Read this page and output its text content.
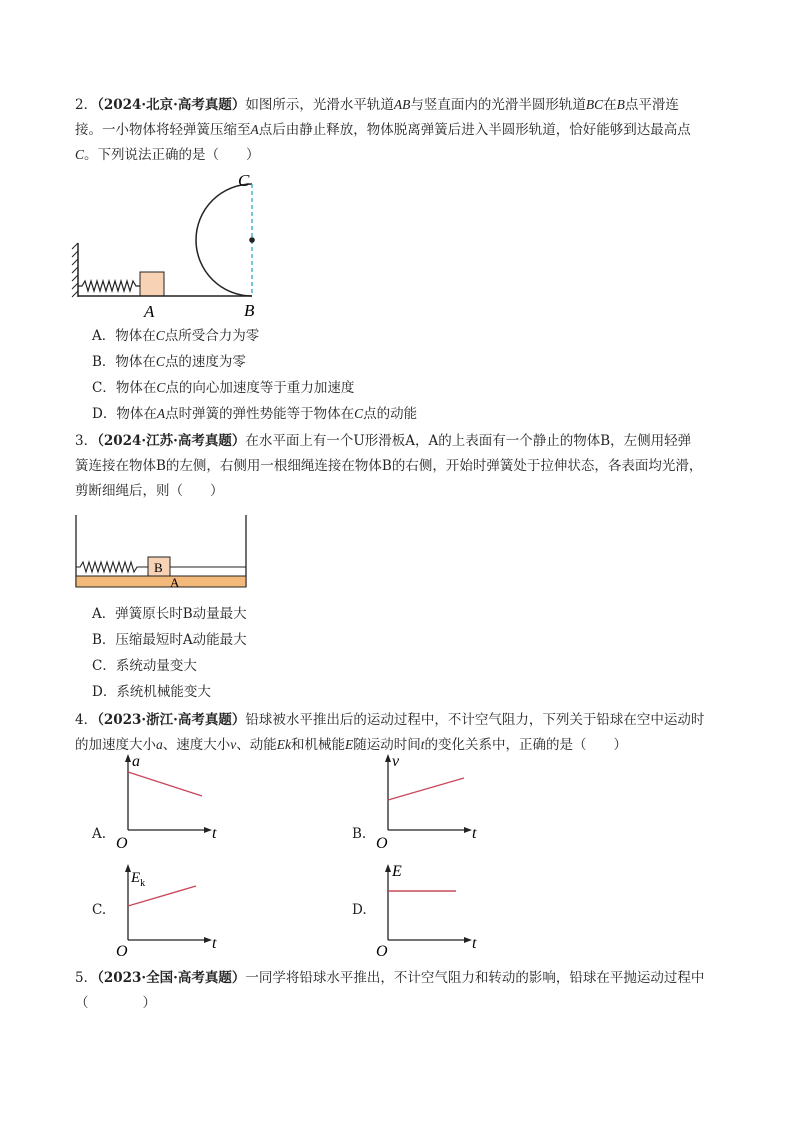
2．（2024·北京·高考真题）如图所示，光滑水平轨道AB与竖直面内的光滑半圆形轨道BC在B点平滑连
接。一小物体将轻弹簧压缩至A点后由静止释放，物体脱离弹簧后进入半圆形轨道，恰好能够到达最高点
C。下列说法正确的是（　　）
C
A	B
A．物体在C点所受合力为零
B．物体在C点的速度为零
C．物体在C点的向心加速度等于重力加速度
D．物体在A点时弹簧的弹性势能等于物体在C点的动能
3．（2024·江苏·高考真题）在水平面上有一个U形滑板A，A的上表面有一个静止的物体B，左侧用轻弹
簧连接在物体B的左侧，右侧用一根细绳连接在物体B的右侧，开始时弹簧处于拉伸状态，各表面均光滑，
剪断细绳后，则（　　）
B
A
A．弹簧原长时B动量最大
B．压缩最短时A动能最大
C．系统动量变大
D．系统机械能变大
4．（2023·浙江·高考真题）铅球被水平推出后的运动过程中，不计空气阻力，下列关于铅球在空中运动时
的加速度大小a、速度大小v、动能Ek和机械能E随运动时间t的变化关系中，正确的是（　　）
A.
a
t
O
B.
v
t
O
C.
$E_k$
t
O
D.
E
t
O
5．（2023·全国·高考真题）一同学将铅球水平推出，不计空气阻力和转动的影响，铅球在平抛运动过程中
（　　　　）
